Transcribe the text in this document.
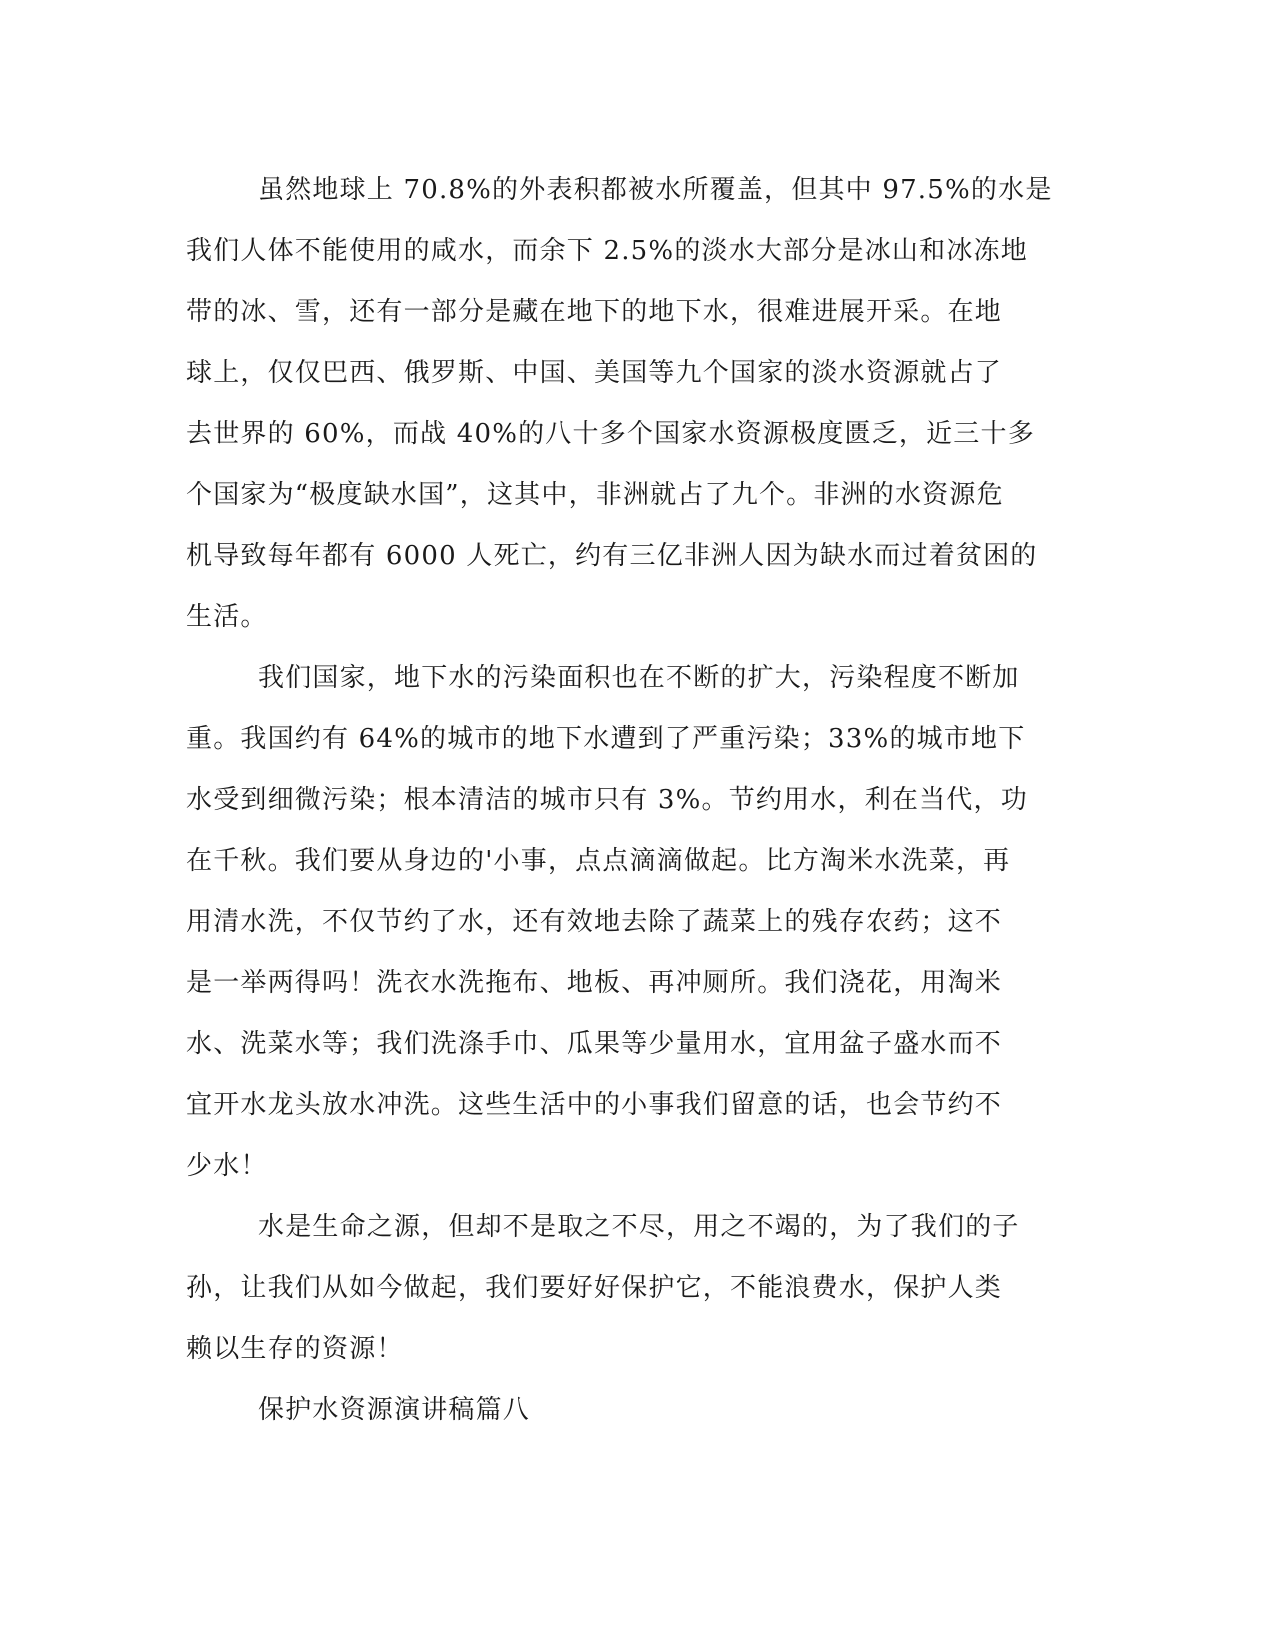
虽然地球上 70.8%的外表积都被水所覆盖，但其中 97.5%的水是
我们人体不能使用的咸水，而余下 2.5%的淡水大部分是冰山和冰冻地
带的冰、雪，还有一部分是藏在地下的地下水，很难进展开采。在地
球上，仅仅巴西、俄罗斯、中国、美国等九个国家的淡水资源就占了
去世界的 60%，而战 40%的八十多个国家水资源极度匮乏，近三十多
个国家为“极度缺水国”，这其中，非洲就占了九个。非洲的水资源危
机导致每年都有 6000 人死亡，约有三亿非洲人因为缺水而过着贫困的
生活。
我们国家，地下水的污染面积也在不断的扩大，污染程度不断加
重。我国约有 64%的城市的地下水遭到了严重污染；33%的城市地下
水受到细微污染；根本清洁的城市只有 3%。节约用水，利在当代，功
在千秋。我们要从身边的'小事，点点滴滴做起。比方淘米水洗菜，再
用清水洗，不仅节约了水，还有效地去除了蔬菜上的残存农药；这不
是一举两得吗！洗衣水洗拖布、地板、再冲厕所。我们浇花，用淘米
水、洗菜水等；我们洗涤手巾、瓜果等少量用水，宜用盆子盛水而不
宜开水龙头放水冲洗。这些生活中的小事我们留意的话，也会节约不
少水！
水是生命之源，但却不是取之不尽，用之不竭的，为了我们的子
孙，让我们从如今做起，我们要好好保护它，不能浪费水，保护人类
赖以生存的资源！
保护水资源演讲稿篇八
